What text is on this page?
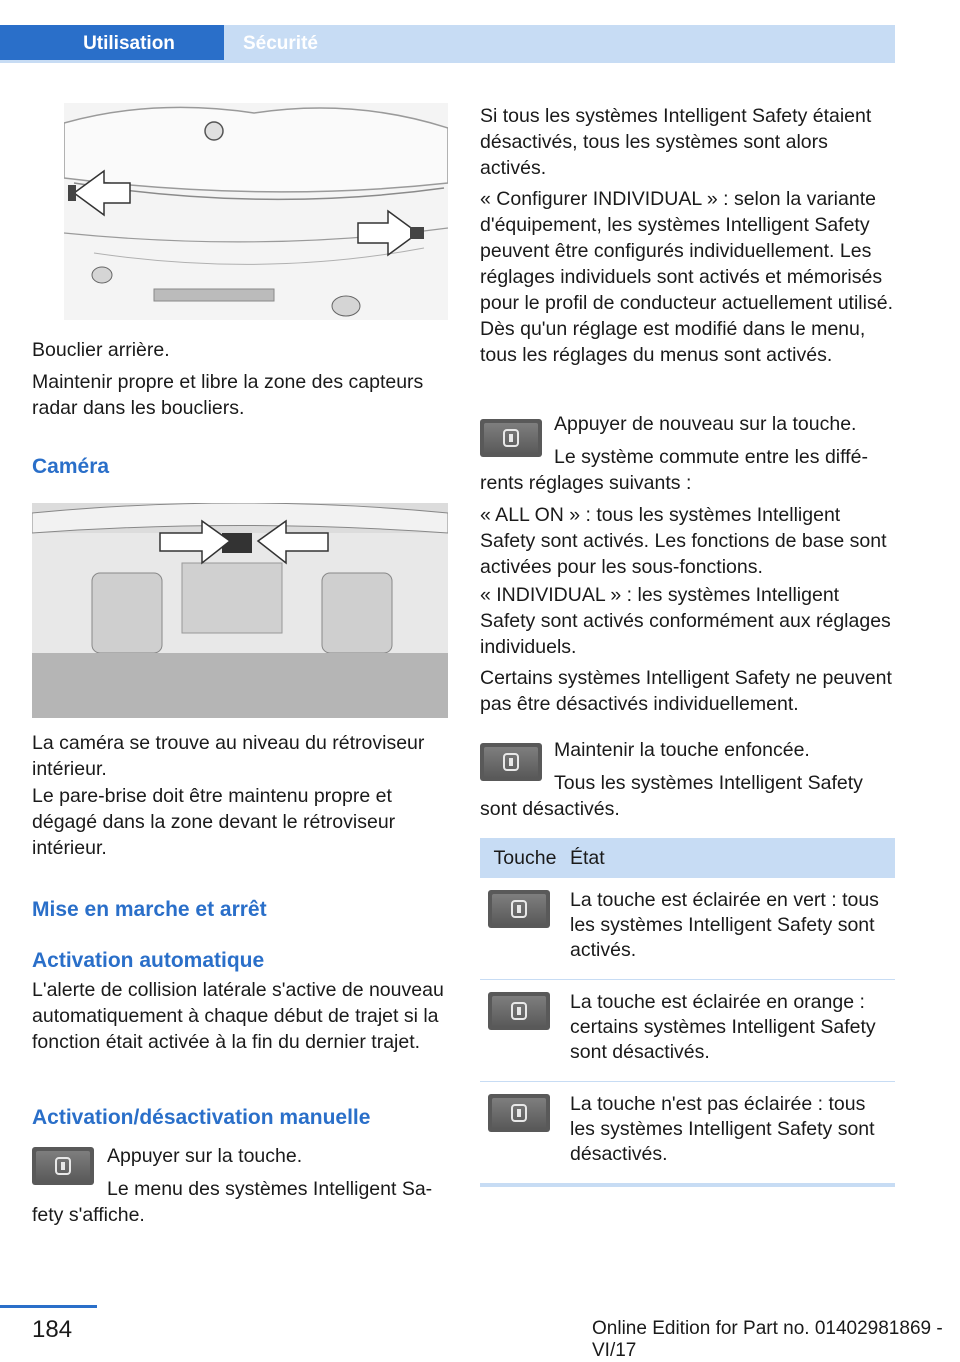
Utilisation	Sécurité

Bouclier arrière.

Maintenir propre et libre la zone des capteurs radar dans les boucliers.

Caméra

La caméra se trouve au niveau du rétroviseur intérieur.

Le pare-brise doit être maintenu propre et dégagé dans la zone devant le rétroviseur intérieur.

Mise en marche et arrêt
Activation automatique

L'alerte de collision latérale s'active de nouveau automatiquement à chaque début de trajet si la fonction était activée à la fin du dernier trajet.

Activation/désactivation manuelle

Appuyer sur la touche.

Le menu des systèmes Intelligent Sa-

fety s'affiche.

Si tous les systèmes Intelligent Safety étaient désactivés, tous les systèmes sont alors activés.

« Configurer INDIVIDUAL » : selon la variante d'équipement, les systèmes Intelligent Safety peuvent être configurés individuellement. Les réglages individuels sont activés et mémorisés pour le profil de conducteur actuellement utilisé. Dès qu'un réglage est modifié dans le menu, tous les réglages du menus sont activés.

Appuyer de nouveau sur la touche.

Le système commute entre les diffé-

rents réglages suivants :

« ALL ON » : tous les systèmes Intelligent Safety sont activés. Les fonctions de base sont activées pour les sous-fonctions.

« INDIVIDUAL » : les systèmes Intelligent Safety sont activés conformément aux réglages individuels.

Certains systèmes Intelligent Safety ne peuvent pas être désactivés individuellement.

Maintenir la touche enfoncée.

Tous les systèmes Intelligent Safety

sont désactivés.

Touche	État

	La touche est éclairée en vert : tous les systèmes Intelligent Safety sont activés.

	La touche est éclairée en orange : certains systèmes Intelligent Safety sont désactivés.

	La touche n'est pas éclairée : tous les systèmes Intelligent Safety sont désactivés.
184	Online Edition for Part no. 01402981869 - VI/17
